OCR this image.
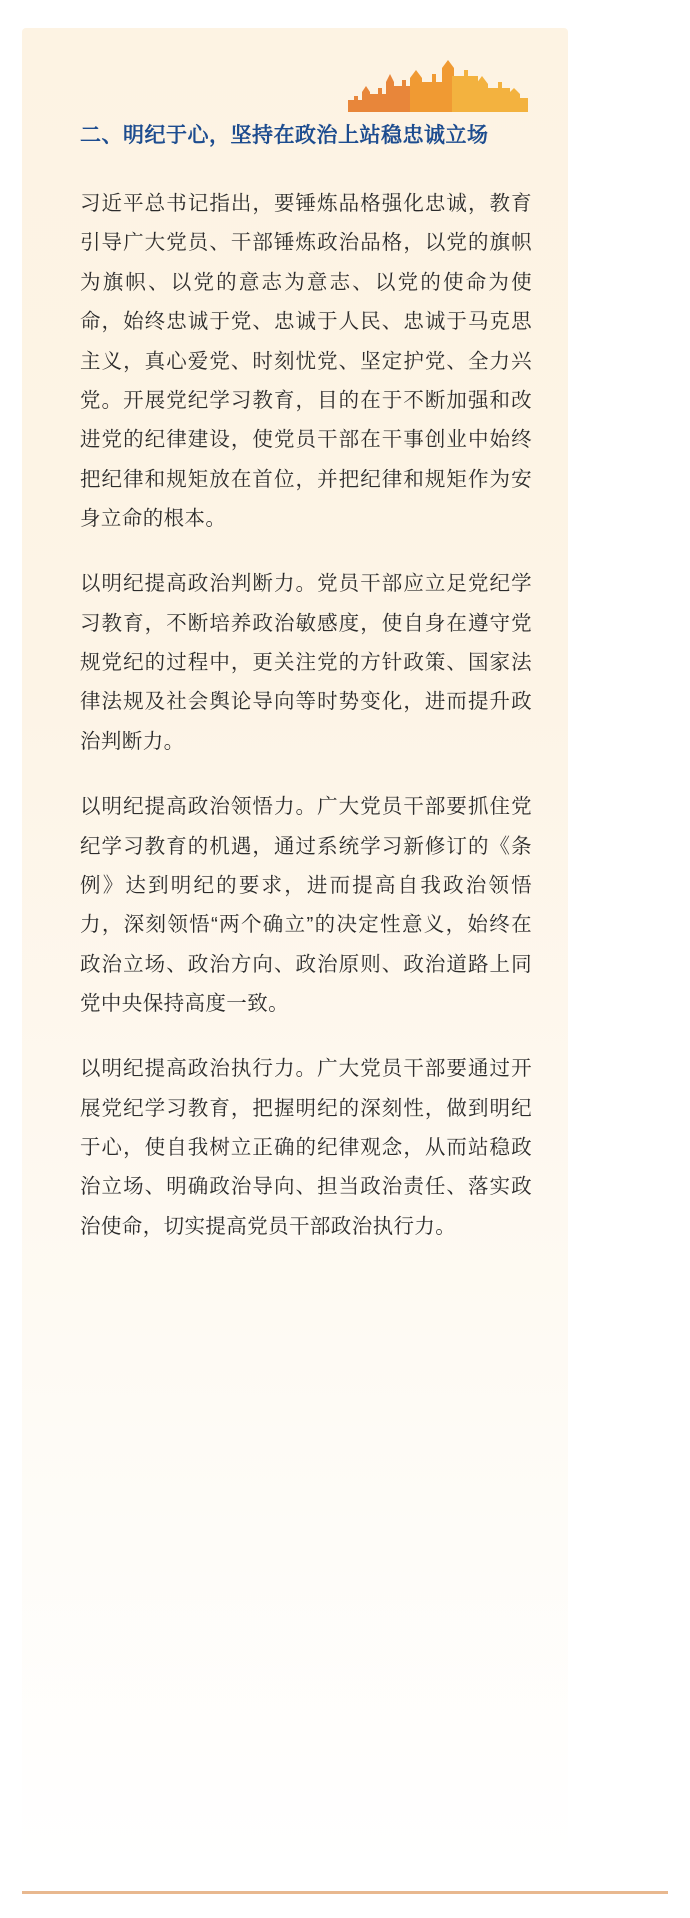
二、明纪于心，坚持在政治上站稳忠诚立场

习近平总书记指出，要锤炼品格强化忠诚，教育引导广大党员、干部锤炼政治品格，以党的旗帜为旗帜、以党的意志为意志、以党的使命为使命，始终忠诚于党、忠诚于人民、忠诚于马克思主义，真心爱党、时刻忧党、坚定护党、全力兴党。开展党纪学习教育，目的在于不断加强和改进党的纪律建设，使党员干部在干事创业中始终把纪律和规矩放在首位，并把纪律和规矩作为安身立命的根本。

以明纪提高政治判断力。党员干部应立足党纪学习教育，不断培养政治敏感度，使自身在遵守党规党纪的过程中，更关注党的方针政策、国家法律法规及社会舆论导向等时势变化，进而提升政治判断力。

以明纪提高政治领悟力。广大党员干部要抓住党纪学习教育的机遇，通过系统学习新修订的《条例》达到明纪的要求，进而提高自我政治领悟力，深刻领悟“两个确立”的决定性意义，始终在政治立场、政治方向、政治原则、政治道路上同党中央保持高度一致。

以明纪提高政治执行力。广大党员干部要通过开展党纪学习教育，把握明纪的深刻性，做到明纪于心，使自我树立正确的纪律观念，从而站稳政治立场、明确政治导向、担当政治责任、落实政治使命，切实提高党员干部政治执行力。
